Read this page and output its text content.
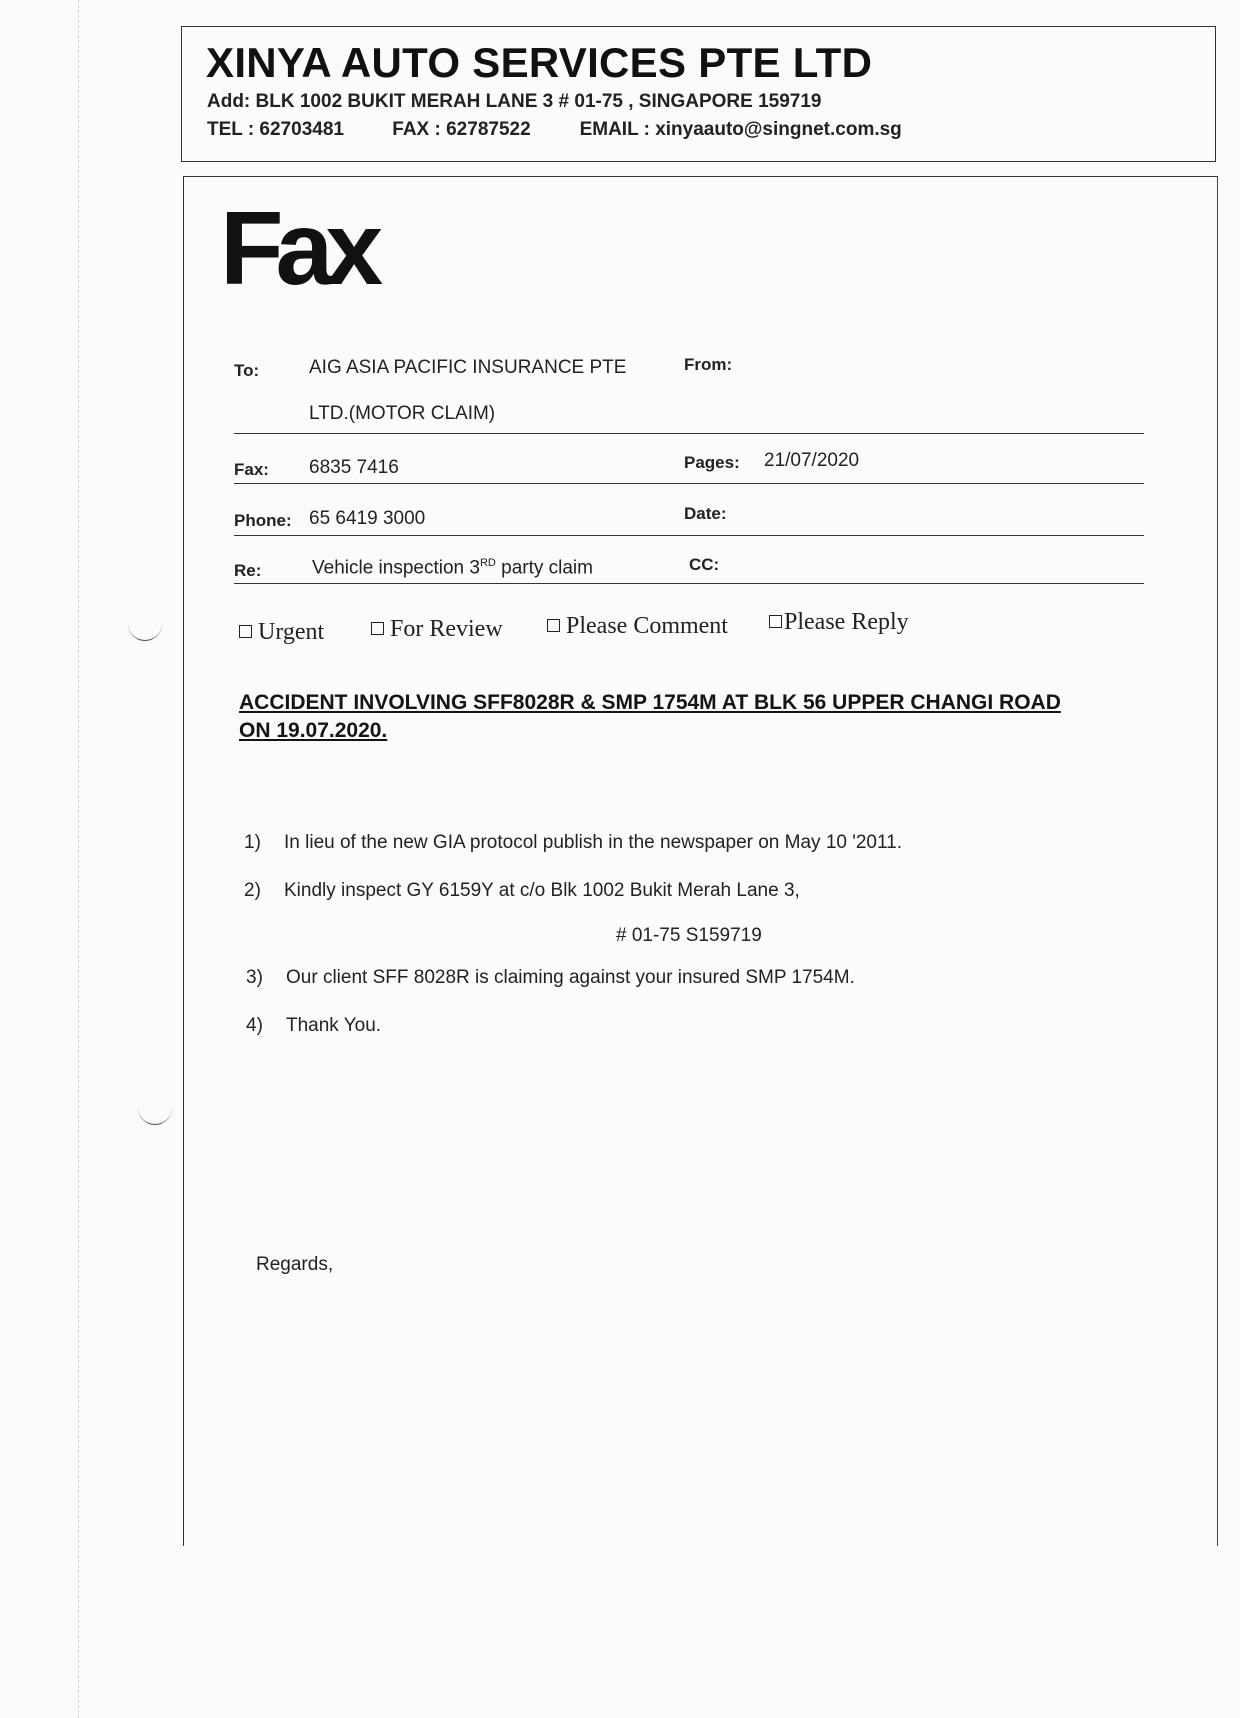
XINYA AUTO SERVICES PTE LTD
Add: BLK 1002 BUKIT MERAH LANE 3 # 01-75 , SINGAPORE 159719
TEL : 62703481	FAX : 62787522	EMAIL : xinyaauto@singnet.com.sg
Fax
To:	AIG ASIA PACIFIC INSURANCE PTE
LTD.(MOTOR CLAIM)
From:
Fax: 6835 7416	Pages: 21/07/2020
Phone: 65 6419 3000	Date:
Re:	Vehicle inspection 3RD party claim	CC:
Urgent	For Review	Please Comment	Please Reply
ACCIDENT INVOLVING SFF8028R & SMP 1754M AT BLK 56 UPPER CHANGI ROAD
ON 19.07.2020.
1) In lieu of the new GIA protocol publish in the newspaper on May 10 '2011.
2) Kindly inspect GY 6159Y at c/o Blk 1002 Bukit Merah Lane 3,
# 01-75 S159719
3) Our client SFF 8028R is claiming against your insured SMP 1754M.
4) Thank You.
Regards,
